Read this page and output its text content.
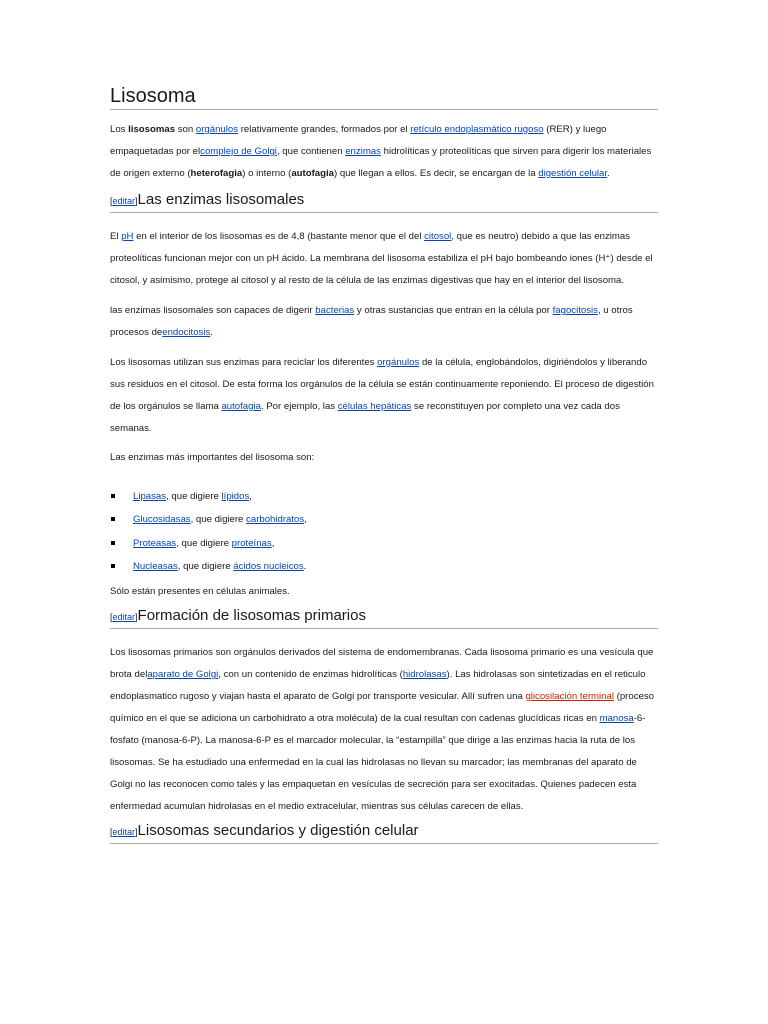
Lisosoma

Los lisosomas son orgánulos relativamente grandes, formados por el retículo endoplasmático rugoso (RER) y luego empaquetadas por elcomplejo de Golgi, que contienen enzimas hidrolíticas y proteolíticas que sirven para digerir los materiales de origen externo (heterofagia) o interno (autofagia) que llegan a ellos. Es decir, se encargan de la digestión celular.

[editar]Las enzimas lisosomales

El pH en el interior de los lisosomas es de 4,8 (bastante menor que el del citosol, que es neutro) debido a que las enzimas proteolíticas funcionan mejor con un pH ácido. La membrana del lisosoma estabiliza el pH bajo bombeando iones (H⁺) desde el citosol, y asimismo, protege al citosol y al resto de la célula de las enzimas digestivas que hay en el interior del lisosoma.

las enzimas lisosomales son capaces de digerir bacterias y otras sustancias que entran en la célula por fagocitosis, u otros procesos deendocitosis.

Los lisosomas utilizan sus enzimas para reciclar los diferentes orgánulos de la célula, englobándolos, digiriéndolos y liberando sus residuos en el citosol. De esta forma los orgánulos de la célula se están continuamente reponiendo. El proceso de digestión de los orgánulos se llama autofagia. Por ejemplo, las células hepáticas se reconstituyen por completo una vez cada dos semanas.

Las enzimas más importantes del lisosoma son:

Lipasas, que digiere lípidos,
Glucosidasas, que digiere carbohidratos,
Proteasas, que digiere proteínas,
Nucleasas, que digiere ácidos nucleicos.

Sólo están presentes en células animales.

[editar]Formación de lisosomas primarios

Los lisosomas primarios son orgánulos derivados del sistema de endomembranas. Cada lisosoma primario es una vesícula que brota delaparato de Golgi, con un contenido de enzimas hidrolíticas (hidrolasas). Las hidrolasas son sintetizadas en el reticulo endoplasmatico rugoso y viajan hasta el aparato de Golgi por transporte vesicular. Allí sufren una glicosilación terminal (proceso químico en el que se adiciona un carbohidrato a otra molécula) de la cual resultan con cadenas glucídicas ricas en manosa-6-fosfato (manosa-6-P). La manosa-6-P es el marcador molecular, la “estampilla” que dirige a las enzimas hacia la ruta de los lisosomas. Se ha estudiado una enfermedad en la cual las hidrolasas no llevan su marcador; las membranas del aparato de Golgi no las reconocen como tales y las empaquetan en vesículas de secreción para ser exocitadas. Quienes padecen esta enfermedad acumulan hidrolasas en el medio extracelular, mientras sus células carecen de ellas.

[editar]Lisosomas secundarios y digestión celular
